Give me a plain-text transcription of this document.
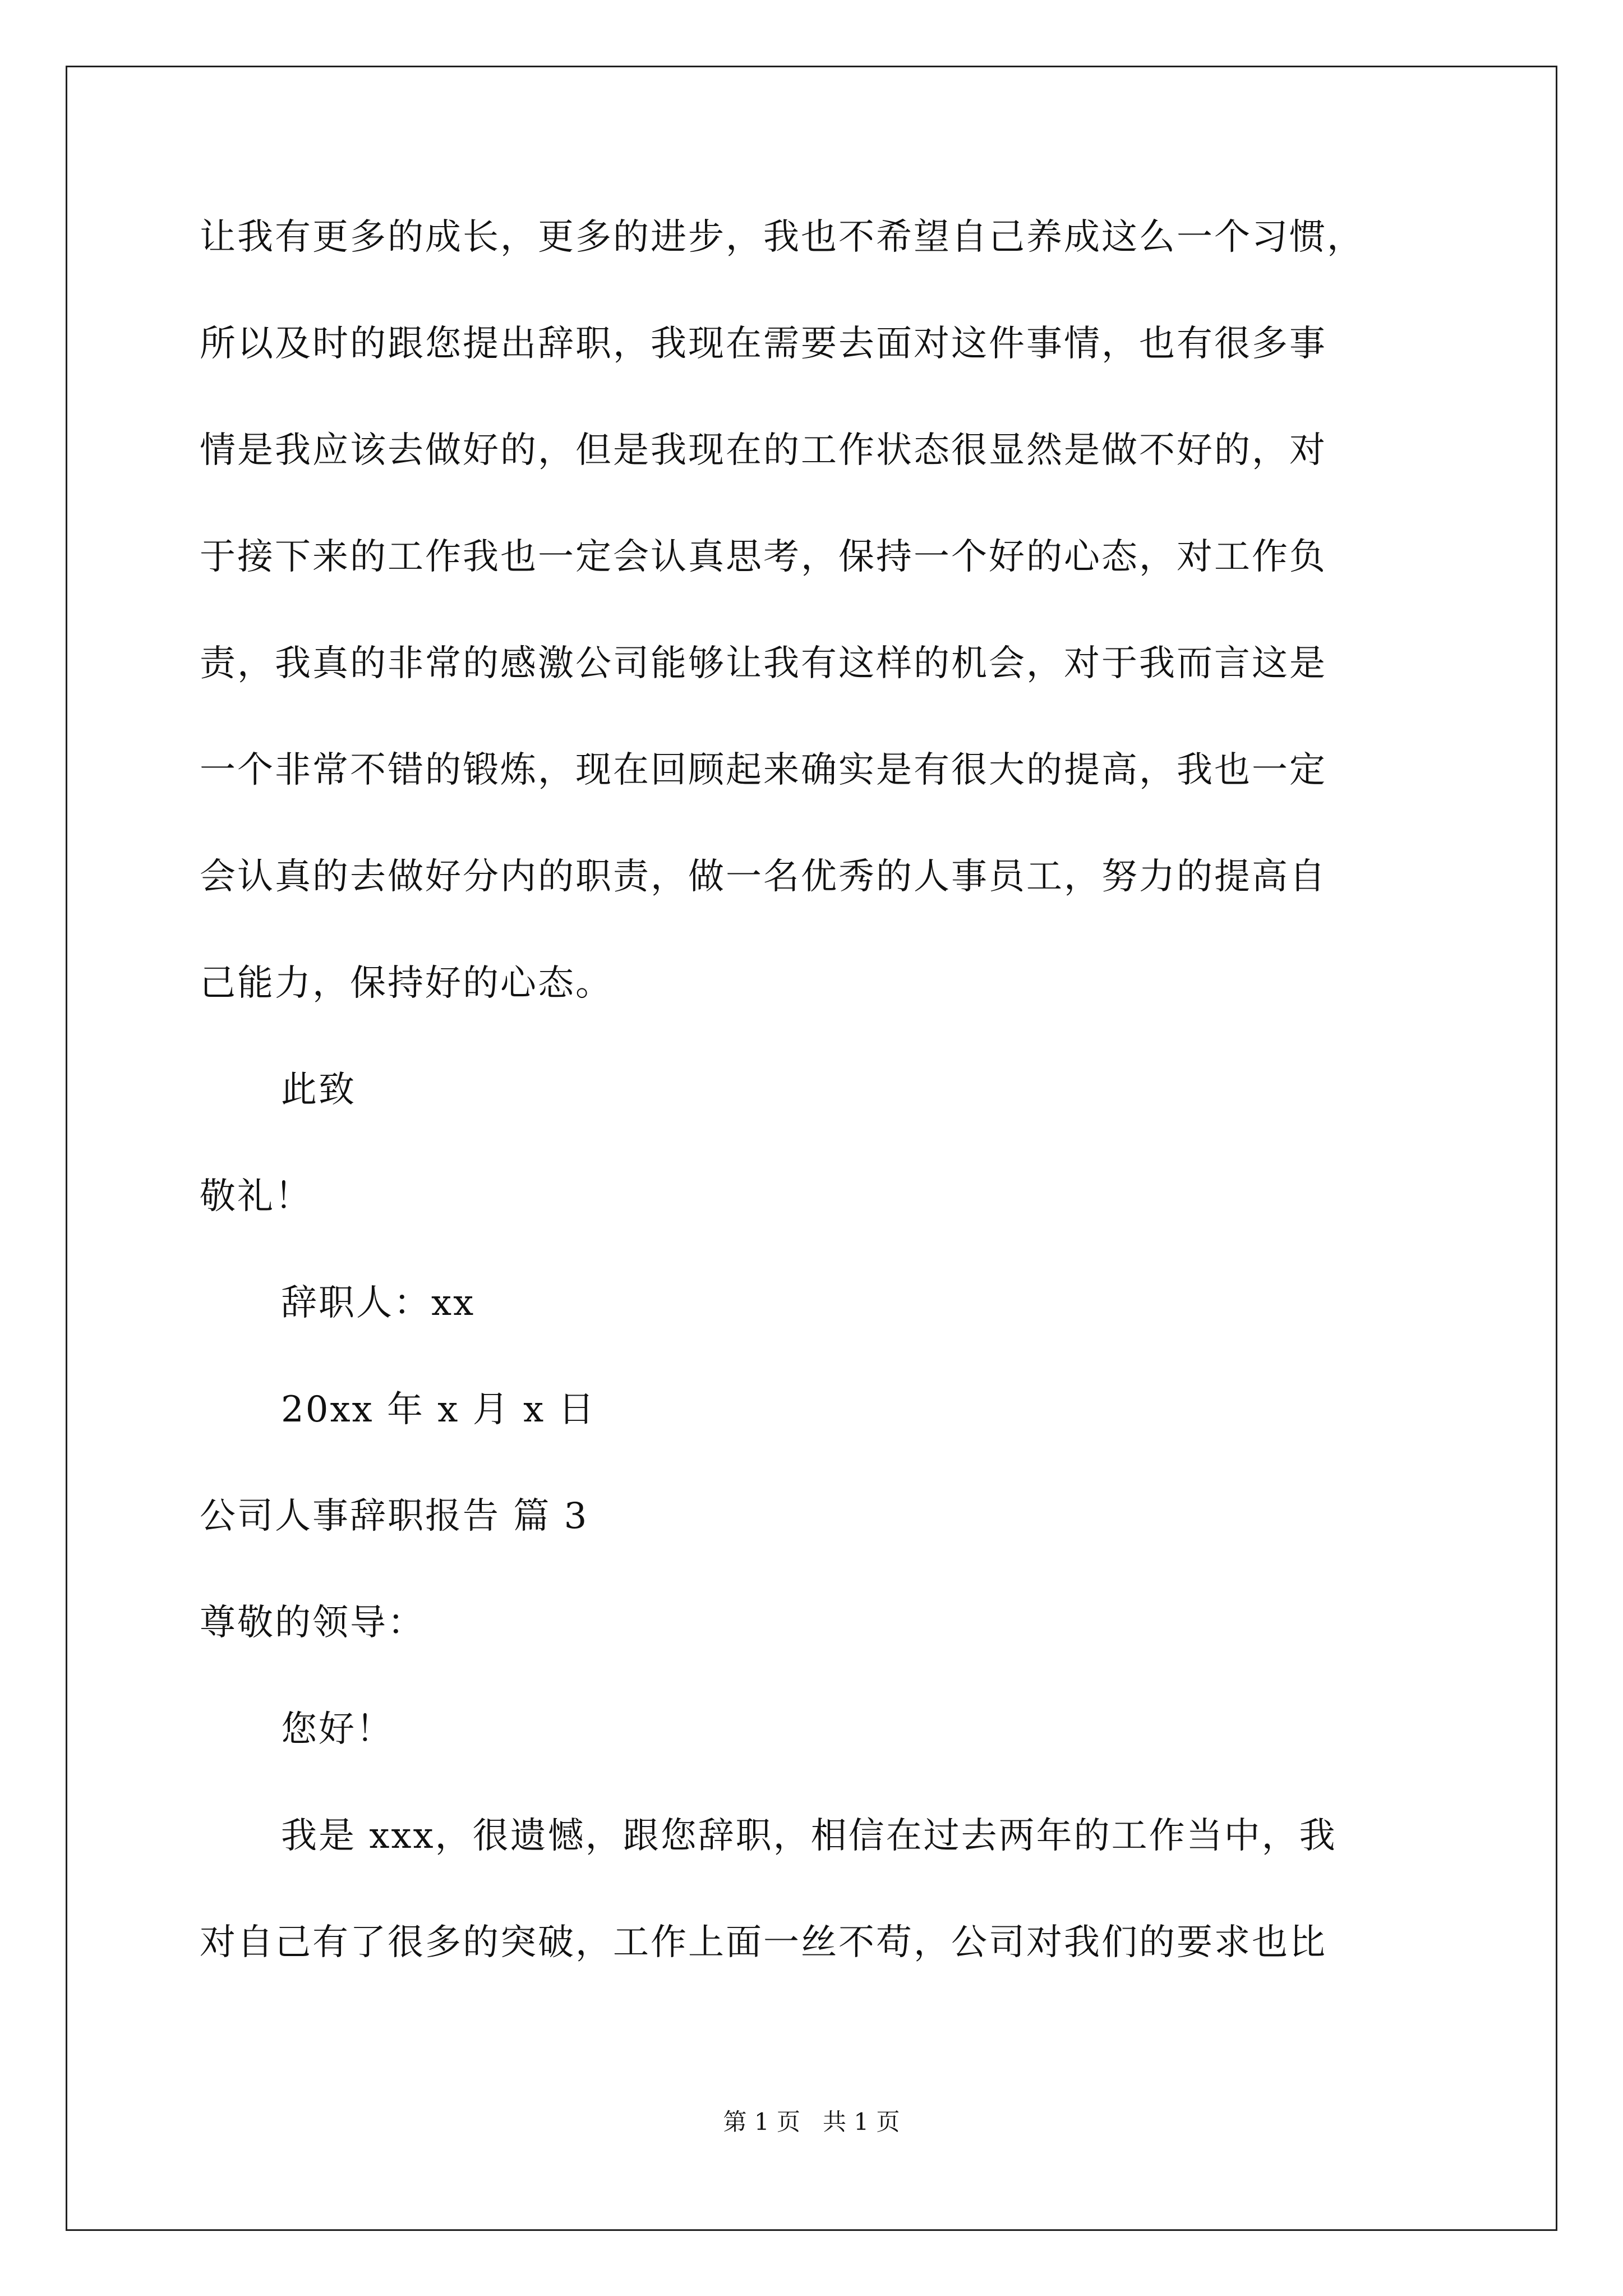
让我有更多的成长，更多的进步，我也不希望自己养成这么一个习惯，
所以及时的跟您提出辞职，我现在需要去面对这件事情，也有很多事
情是我应该去做好的，但是我现在的工作状态很显然是做不好的，对
于接下来的工作我也一定会认真思考，保持一个好的心态，对工作负
责，我真的非常的感激公司能够让我有这样的机会，对于我而言这是
一个非常不错的锻炼，现在回顾起来确实是有很大的提高，我也一定
会认真的去做好分内的职责，做一名优秀的人事员工，努力的提高自
己能力，保持好的心态。
此致
敬礼！
辞职人：xx
20xx 年 x 月 x 日
公司人事辞职报告 篇 3
尊敬的领导：
您好！
我是 xxx，很遗憾，跟您辞职，相信在过去两年的工作当中，我
对自己有了很多的突破，工作上面一丝不苟，公司对我们的要求也比
第 1 页   共 1 页
